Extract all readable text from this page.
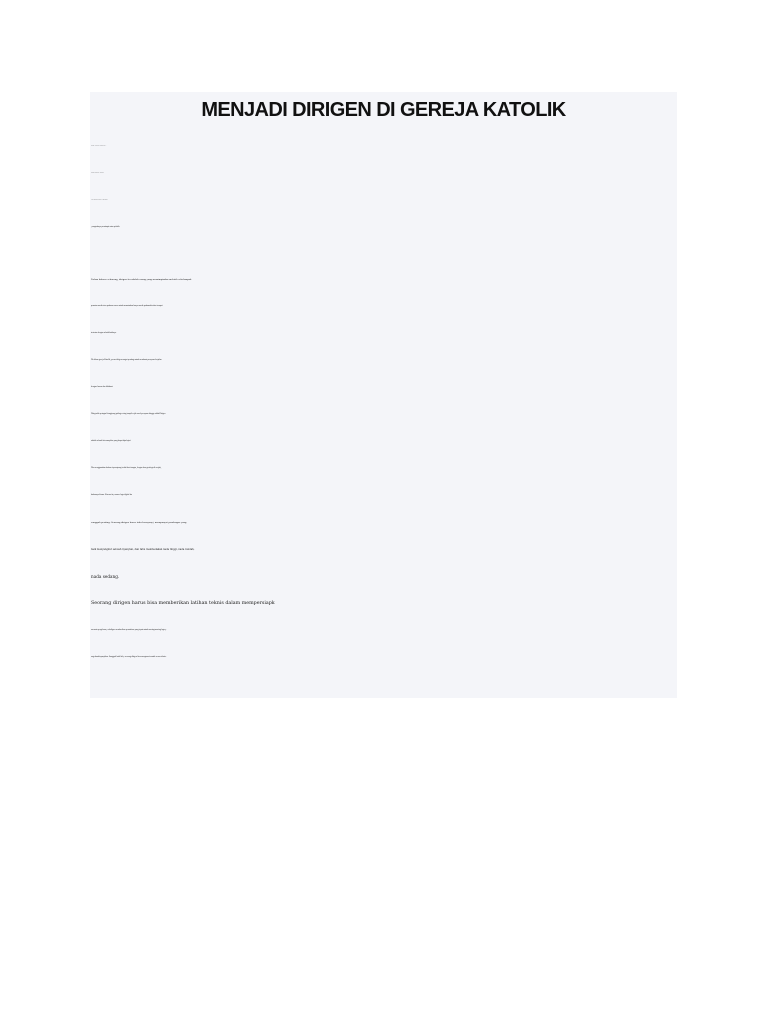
MENJADI DIRIGEN DI GEREJA KATOLIK

Istilah “dirigen” berasal dari :

bahasa Belanda: dirigent

atau bahasa Inggris:  conductor

yangartinya pemimpin atau pelatih.

Dalam bahasa sekarang, dirigen itu adalah orang yang memimpindan melatih sekelompok

pemain musik atau paduan suara untuk memainkan karya musik padawaktu dan tempat

tertentu dengan sebaik-baiknya.

Di dalam gereja Katolik, peran dirigen sangat penting untuk membuat perayaan berjalan

dengan lancar dan khidmat.

Dirigenlah petugas liturgiyang paling sering tampil sejak awal perayaan hingga akhir.Dirigen

adalah sebuah keterampilan yang dapat dipelajari.

Dia menggunakan bahasa isyaratyang terdiri dari tangan, lengan dan gerak-gerik wajah,

bukannya bicara. Karena itu, nomor lagu digital itu

sungguh penting. Seorang dirigen harus tahu bernyanyi, mempunyai pendengar yang

baik menyangkut sebuah nyanyian, dan tahu membedakan nada tinggi, nada rendah,

nada sedang.

Seorang dirigen harus bisa memberikan latihan teknis dalam mempersiapk

an suatu pergelaran, sekaligus memberikan penafsiran yang tepat untuk masing-masing lagu y

ang akandinyanyikan. Sungguh baik bila, seorang dirigen bisa menguasai musik secara teknis.
